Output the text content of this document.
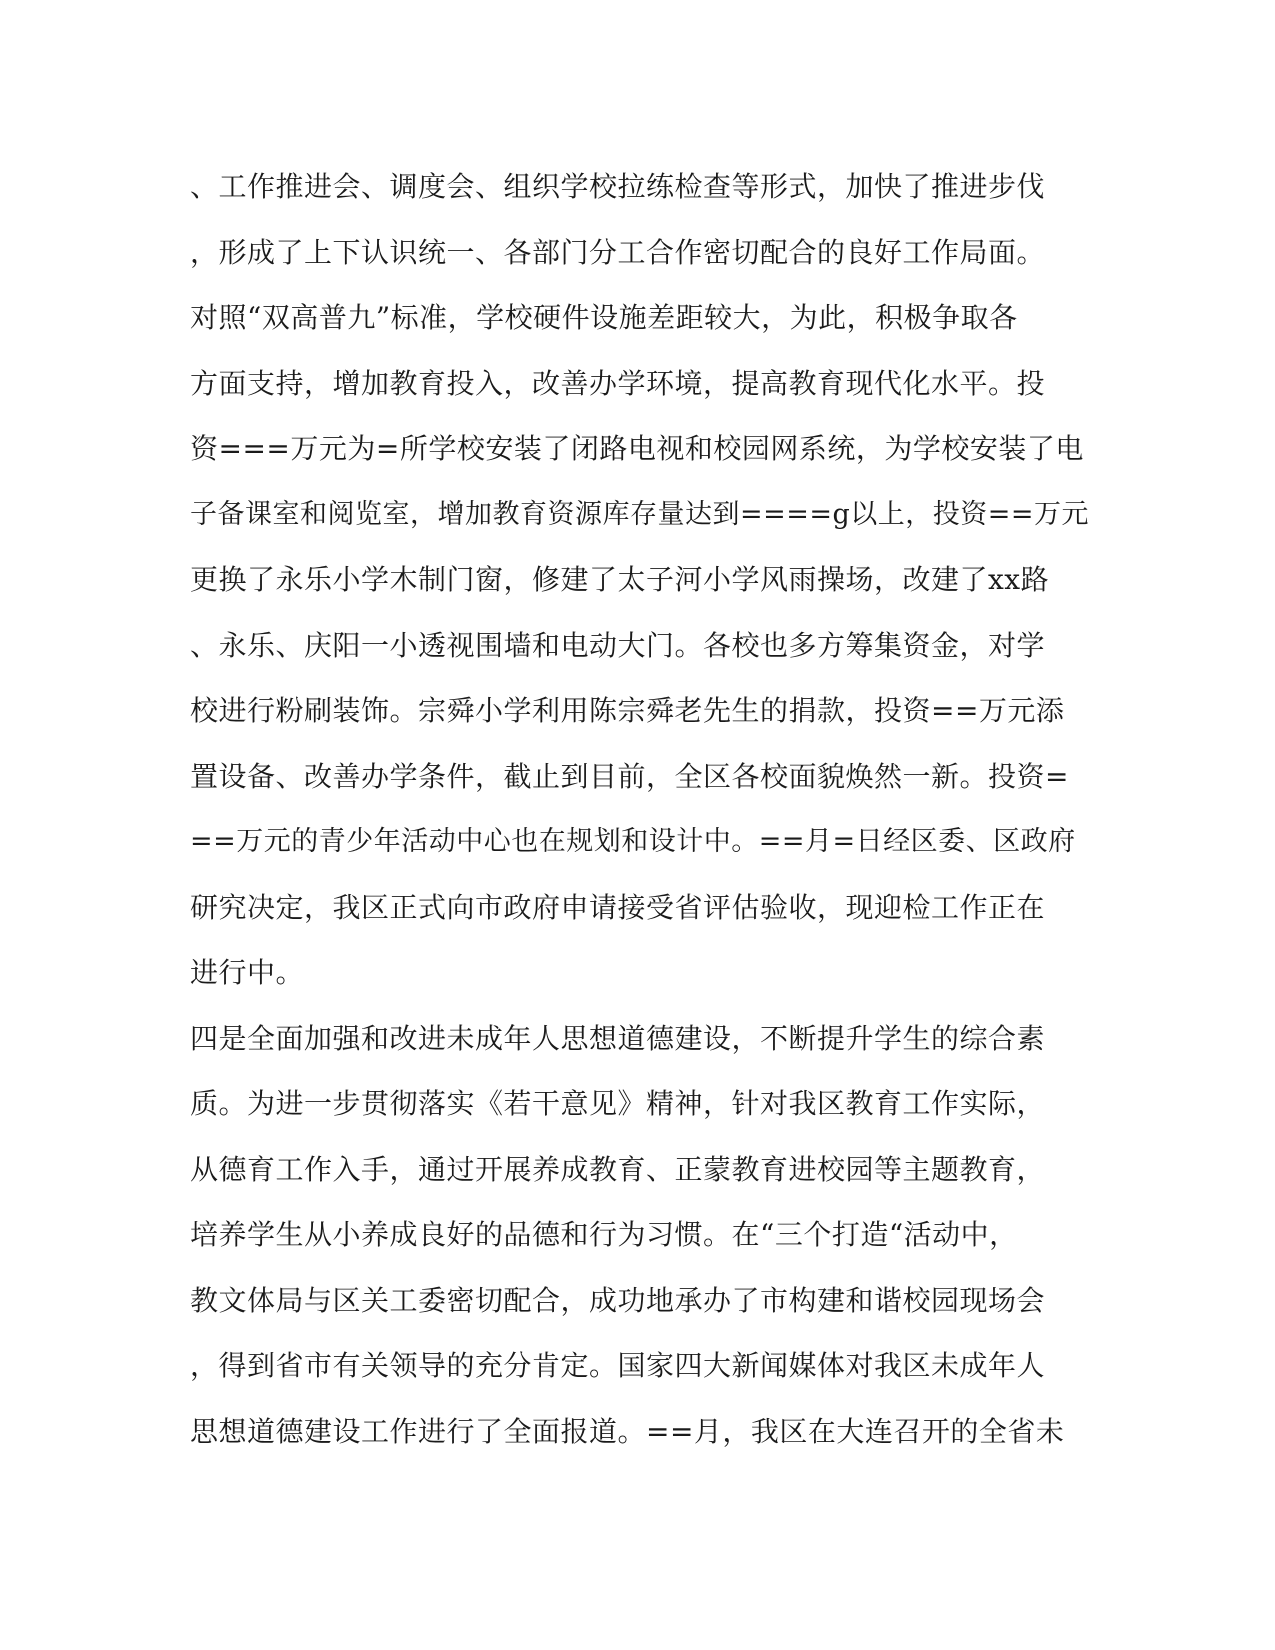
、工作推进会、调度会、组织学校拉练检查等形式，加快了推进步伐
，形成了上下认识统一、各部门分工合作密切配合的良好工作局面。
对照“双高普九”标准，学校硬件设施差距较大，为此，积极争取各
方面支持，增加教育投入，改善办学环境，提高教育现代化水平。投
资===万元为=所学校安装了闭路电视和校园网系统，为学校安装了电
子备课室和阅览室，增加教育资源库存量达到====g以上，投资==万元
更换了永乐小学木制门窗，修建了太子河小学风雨操场，改建了xx路
、永乐、庆阳一小透视围墙和电动大门。各校也多方筹集资金，对学
校进行粉刷装饰。宗舜小学利用陈宗舜老先生的捐款，投资==万元添
置设备、改善办学条件，截止到目前，全区各校面貌焕然一新。投资=
==万元的青少年活动中心也在规划和设计中。==月=日经区委、区政府
研究决定，我区正式向市政府申请接受省评估验收，现迎检工作正在
进行中。
四是全面加强和改进未成年人思想道德建设，不断提升学生的综合素
质。为进一步贯彻落实《若干意见》精神，针对我区教育工作实际，
从德育工作入手，通过开展养成教育、正蒙教育进校园等主题教育，
培养学生从小养成良好的品德和行为习惯。在“三个打造“活动中，
教文体局与区关工委密切配合，成功地承办了市构建和谐校园现场会
，得到省市有关领导的充分肯定。国家四大新闻媒体对我区未成年人
思想道德建设工作进行了全面报道。==月，我区在大连召开的全省未
